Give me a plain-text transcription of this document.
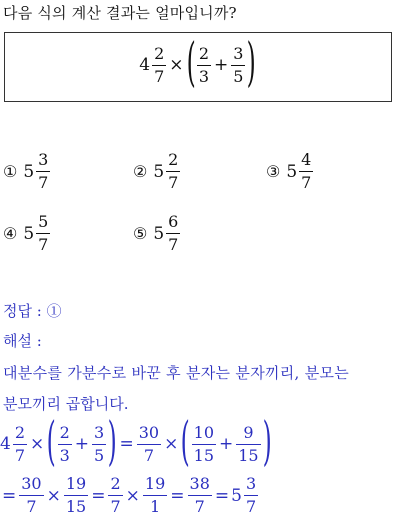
다음 식의 계산 결과는 얼마입니까?
$4 \frac{2}{7}$ × ( $\frac{2}{3} + \frac{3}{5}$ )
① $5 \frac{3}{7}$	② $5 \frac{2}{7}$	③ $5 \frac{4}{7}$
④ $5 \frac{5}{7}$	⑤ $5 \frac{6}{7}$
정답 : ①
해설 :
대분수를 가분수로 바꾼 후 분자는 분자끼리, 분모는
분모끼리 곱합니다.
$4 \frac{2}{7}$ × ( $\frac{2}{3} + \frac{3}{5}$ ) = $\frac{30}{7}$ × ( $\frac{10}{15} + \frac{9}{15}$ )
= $\frac{30}{7} \times \frac{19}{15} = \frac{2}{7} \times \frac{19}{1} = \frac{38}{7} = 5 \frac{3}{7}$
